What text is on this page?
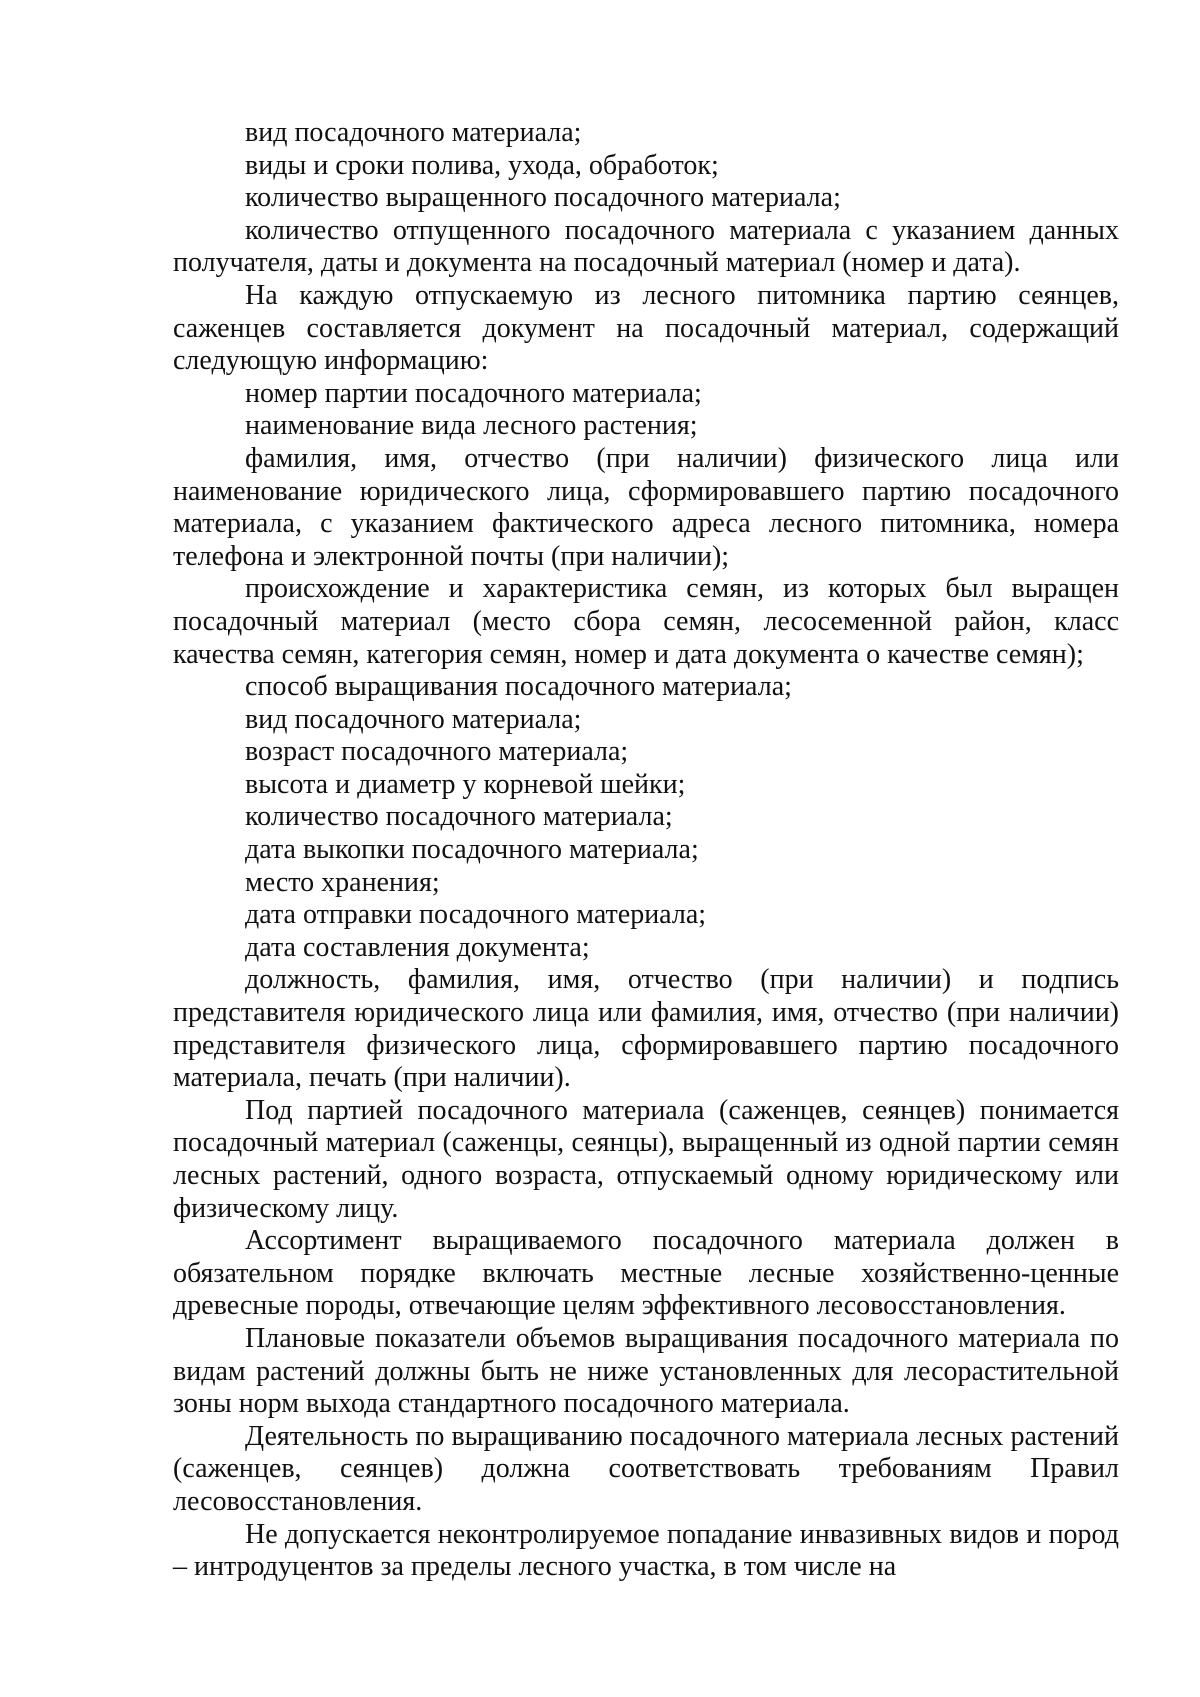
вид посадочного материала;

виды и сроки полива, ухода, обработок;

количество выращенного посадочного материала;

количество отпущенного посадочного материала с указанием данных получателя, даты и документа на посадочный материал (номер и дата).

На каждую отпускаемую из лесного питомника партию сеянцев, саженцев составляется документ на посадочный материал, содержащий следующую информацию:

номер партии посадочного материала;

наименование вида лесного растения;

фамилия, имя, отчество (при наличии) физического лица или наименование юридического лица, сформировавшего партию посадочного материала, с указанием фактического адреса лесного питомника, номера телефона и электронной почты (при наличии);

происхождение и характеристика семян, из которых был выращен посадочный материал (место сбора семян, лесосеменной район, класс качества семян, категория семян, номер и дата документа о качестве семян);

способ выращивания посадочного материала;

вид посадочного материала;

возраст посадочного материала;

высота и диаметр у корневой шейки;

количество посадочного материала;

дата выкопки посадочного материала;

место хранения;

дата отправки посадочного материала;

дата составления документа;

должность, фамилия, имя, отчество (при наличии) и подпись представителя юридического лица или фамилия, имя, отчество (при наличии) представителя физического лица, сформировавшего партию посадочного материала, печать (при наличии).

Под партией посадочного материала (саженцев, сеянцев) понимается посадочный материал (саженцы, сеянцы), выращенный из одной партии семян лесных растений, одного возраста, отпускаемый одному юридическому или физическому лицу.

Ассортимент выращиваемого посадочного материала должен в обязательном порядке включать местные лесные хозяйственно-ценные древесные породы, отвечающие целям эффективного лесовосстановления.

Плановые показатели объемов выращивания посадочного материала по видам растений должны быть не ниже установленных для лесорастительной зоны норм выхода стандартного посадочного материала.

Деятельность по выращиванию посадочного материала лесных растений (саженцев, сеянцев) должна соответствовать требованиям Правил лесовосстановления.

Не допускается неконтролируемое попадание инвазивных видов и пород – интродуцентов за пределы лесного участка, в том числе на
